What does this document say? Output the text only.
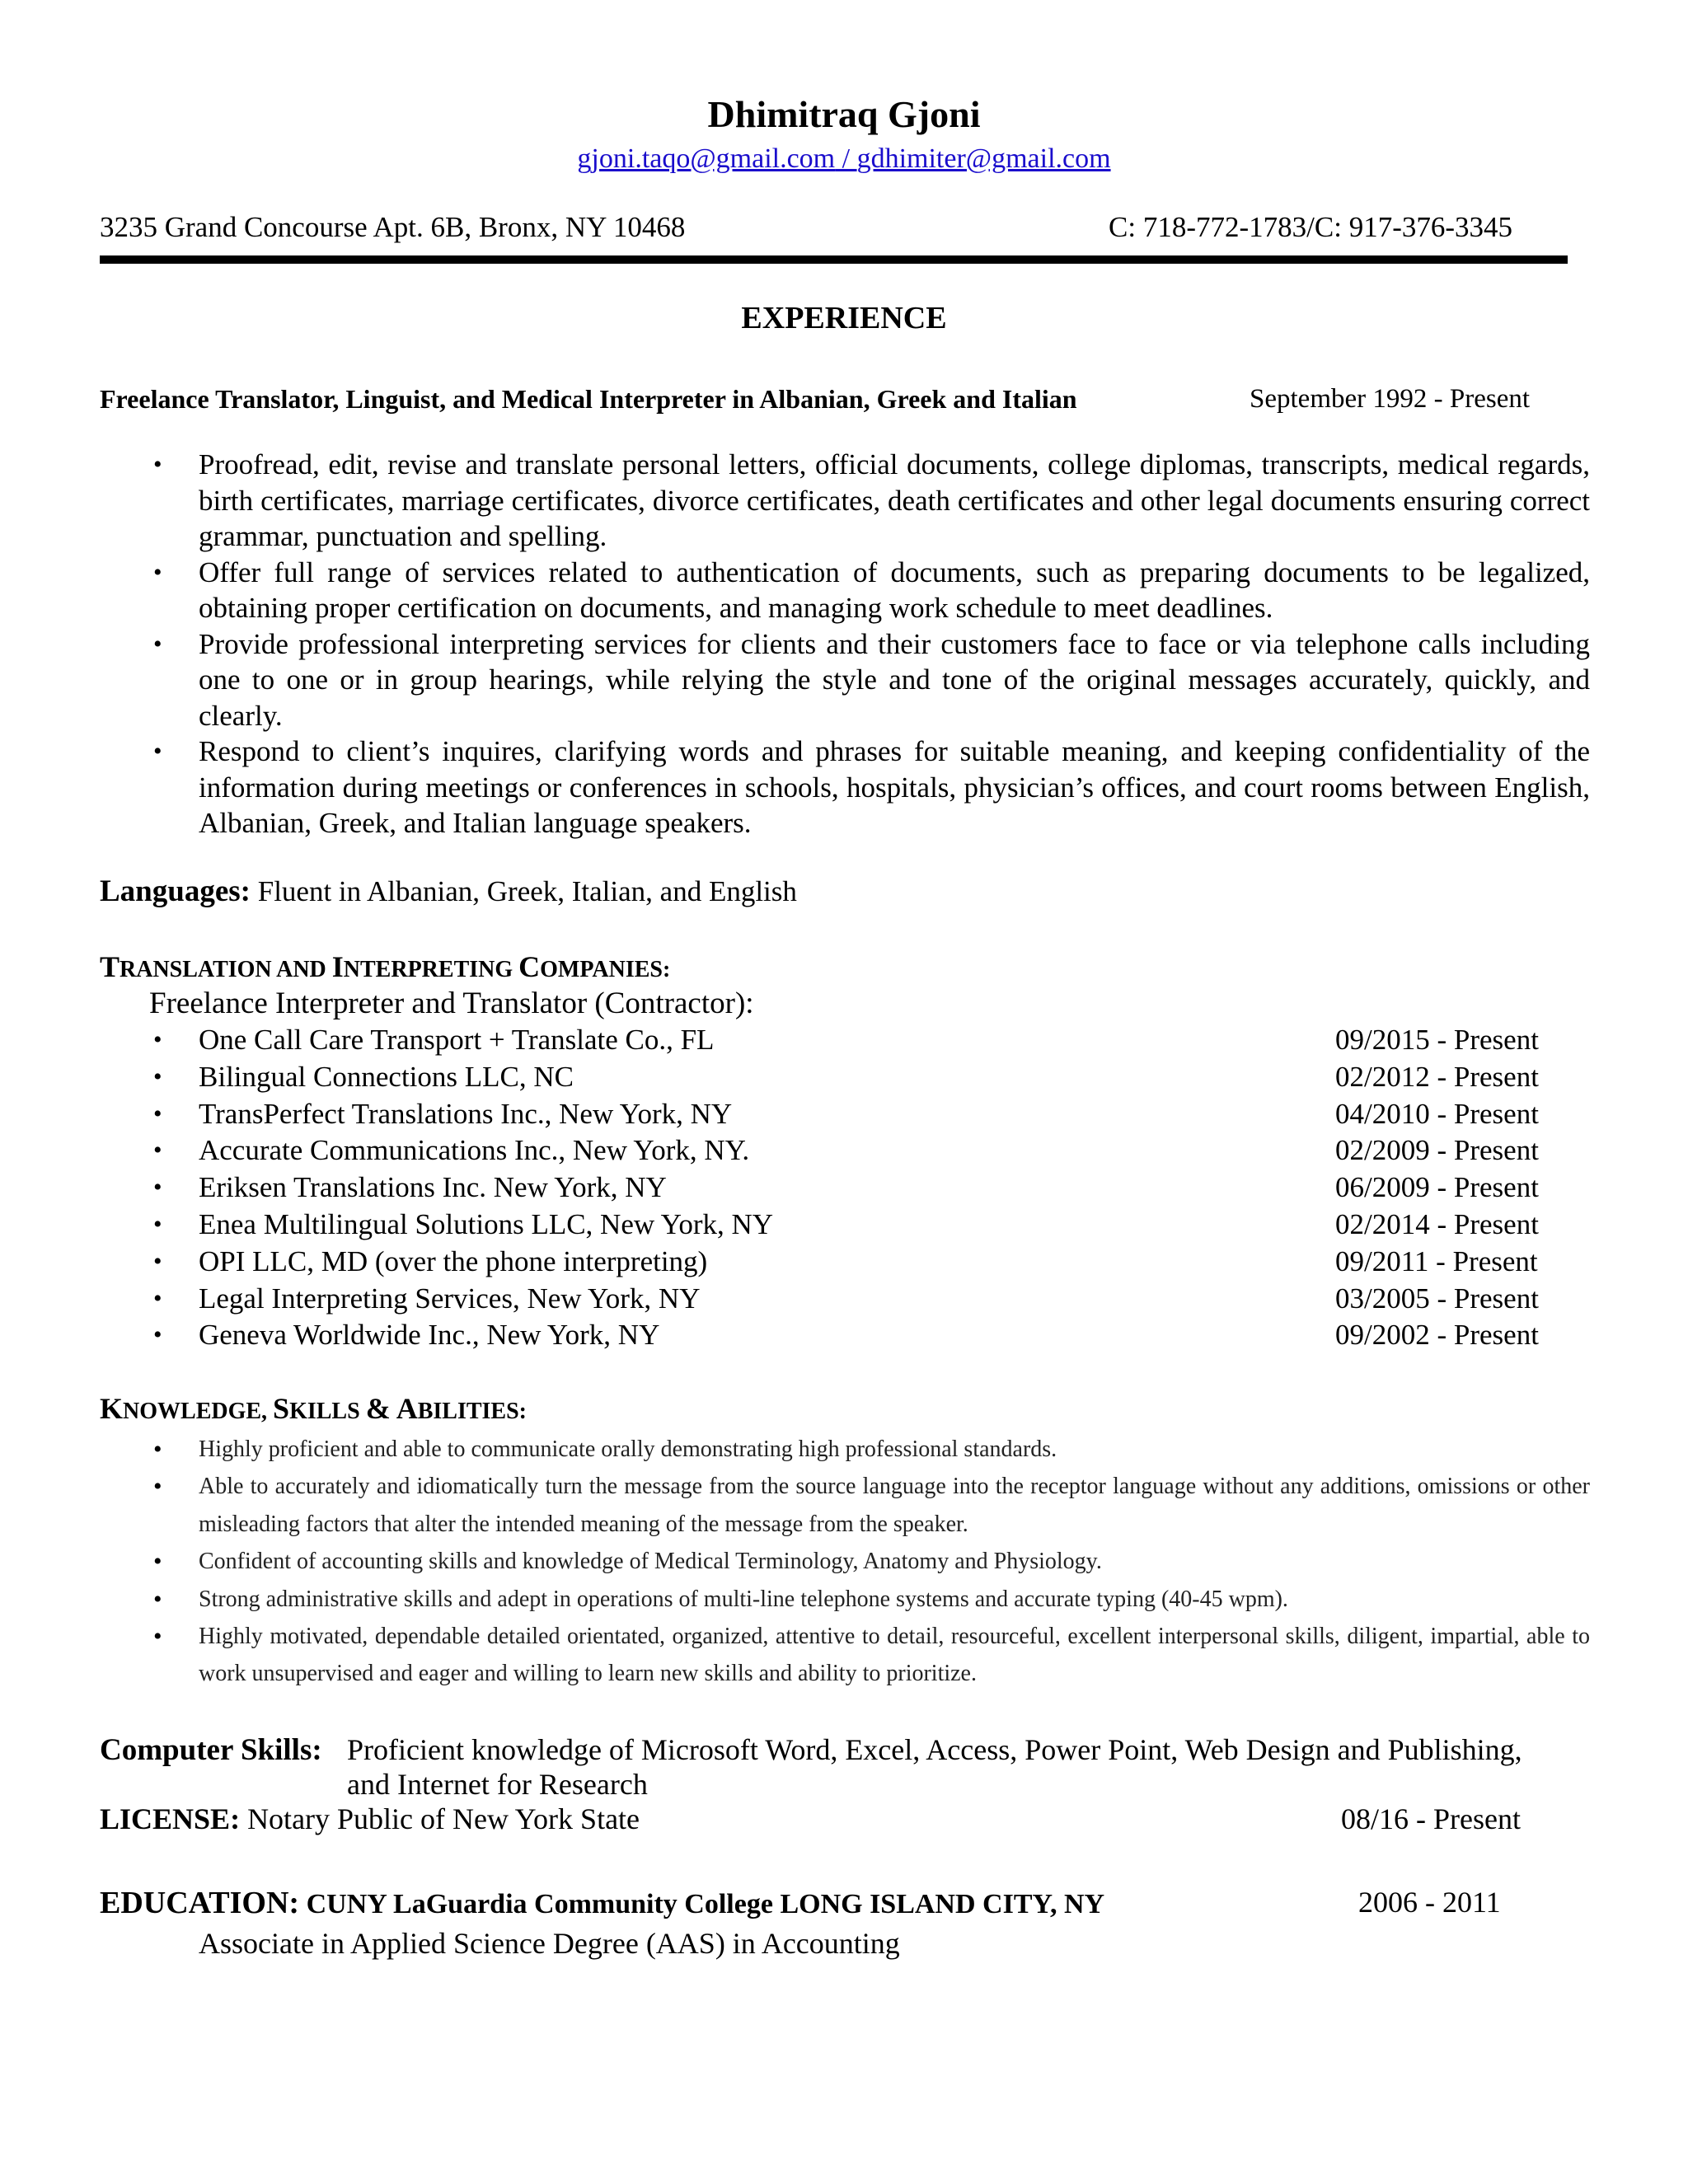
Dhimitraq Gjoni
gjoni.taqo@gmail.com / gdhimiter@gmail.com
3235 Grand Concourse Apt. 6B, Bronx, NY 10468	C: 718-772-1783/C: 917-376-3345
EXPERIENCE
Freelance Translator, Linguist, and Medical Interpreter in Albanian, Greek and Italian	September 1992 - Present
• Proofread, edit, revise and translate personal letters, official documents, college diplomas, transcripts, medical regards, birth certificates, marriage certificates, divorce certificates, death certificates and other legal documents ensuring correct grammar, punctuation and spelling.
• Offer full range of services related to authentication of documents, such as preparing documents to be legalized, obtaining proper certification on documents, and managing work schedule to meet deadlines.
• Provide professional interpreting services for clients and their customers face to face or via telephone calls including one to one or in group hearings, while relying the style and tone of the original messages accurately, quickly, and clearly.
• Respond to client’s inquires, clarifying words and phrases for suitable meaning, and keeping confidentiality of the information during meetings or conferences in schools, hospitals, physician’s offices, and court rooms between English, Albanian, Greek, and Italian language speakers.
Languages: Fluent in Albanian, Greek, Italian, and English
TRANSLATION AND INTERPRETING COMPANIES:
Freelance Interpreter and Translator (Contractor):
• One Call Care Transport + Translate Co., FL	09/2015 - Present
• Bilingual Connections LLC, NC	02/2012 - Present
• TransPerfect Translations Inc., New York, NY	04/2010 - Present
• Accurate Communications Inc., New York, NY.	02/2009 - Present
• Eriksen Translations Inc. New York, NY	06/2009 - Present
• Enea Multilingual Solutions LLC, New York, NY	02/2014 - Present
• OPI LLC, MD (over the phone interpreting)	09/2011 - Present
• Legal Interpreting Services, New York, NY	03/2005 - Present
• Geneva Worldwide Inc., New York, NY	09/2002 - Present
KNOWLEDGE, SKILLS & ABILITIES:
• Highly proficient and able to communicate orally demonstrating high professional standards.
• Able to accurately and idiomatically turn the message from the source language into the receptor language without any additions, omissions or other misleading factors that alter the intended meaning of the message from the speaker.
• Confident of accounting skills and knowledge of Medical Terminology, Anatomy and Physiology.
• Strong administrative skills and adept in operations of multi-line telephone systems and accurate typing (40-45 wpm).
• Highly motivated, dependable detailed orientated, organized, attentive to detail, resourceful, excellent interpersonal skills, diligent, impartial, able to work unsupervised and eager and willing to learn new skills and ability to prioritize.
Computer Skills: Proficient knowledge of Microsoft Word, Excel, Access, Power Point, Web Design and Publishing, and Internet for Research
LICENSE: Notary Public of New York State	08/16 - Present
EDUCATION: CUNY LaGuardia Community College LONG ISLAND CITY, NY	2006 - 2011
Associate in Applied Science Degree (AAS) in Accounting
